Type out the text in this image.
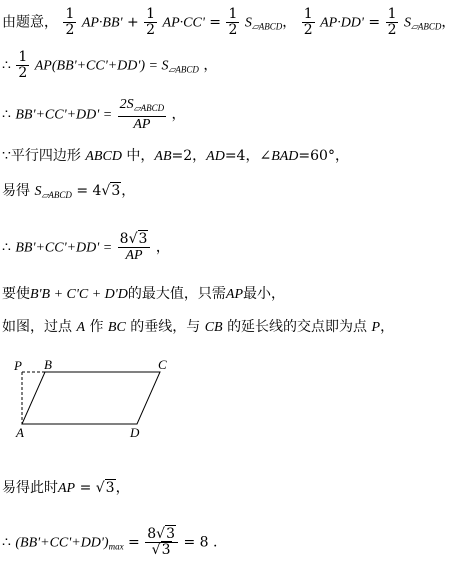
由题意， $\frac{1}{2} AP\cdot BB' + \frac{1}{2} AP\cdot CC' = \frac{1}{2} S_{▱ABCD}$， $\frac{1}{2} AP\cdot DD' = \frac{1}{2} S_{▱ABCD}$，
∴ $\frac{1}{2} AP(BB'+CC'+DD') = S_{▱ABCD}$ ，
∴ $BB'+CC'+DD' = \frac{2S_{▱ABCD}}{AP}$ ，
∵平行四边形 ABCD 中，AB=2，AD=4，∠BAD=60°，
易得 $S_{▱ABCD} = 4√3$，
∴ $BB'+CC'+DD' = \frac{8√3}{AP}$ ，
要使B'B + C'C + D'D的最大值，只需AP最小，
如图，过点 A 作 BC 的垂线，与 CB 的延长线的交点即为点 P，
P B	C
A	D
易得此时AP = √3，
∴ $(BB'+CC'+DD')_{max} = \frac{8√3}{√3} = 8$ .
